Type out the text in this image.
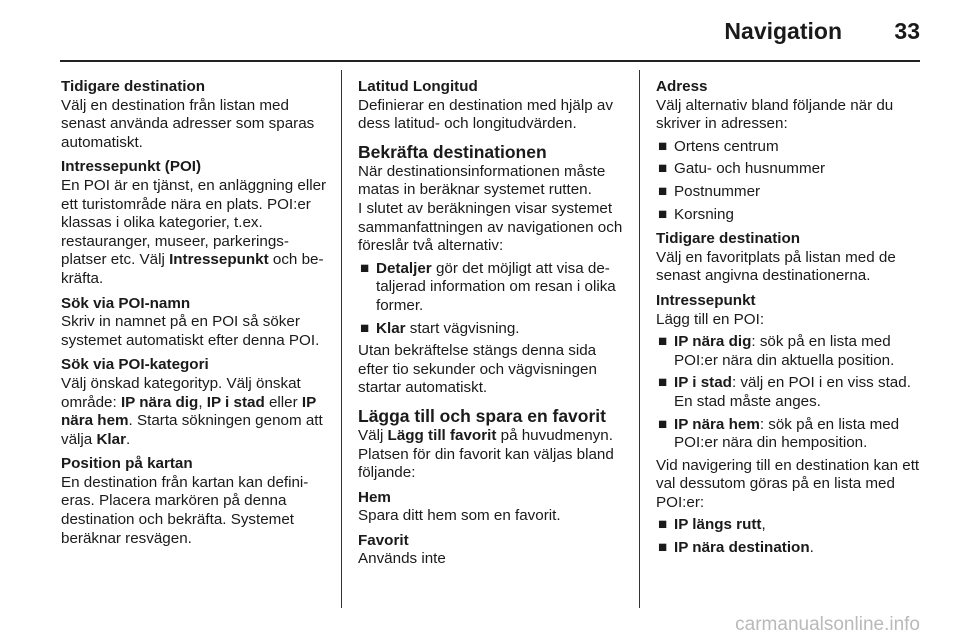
Navigation 33
Tidigare destination

Välj en destination från listan med senast använda adresser som sparas automatiskt.

Intressepunkt (POI)

En POI är en tjänst, en anläggning eller ett turistområde nära en plats. POI:er klassas i olika kategorier, t.ex. restauranger, museer, parkerings-platser etc. Välj Intressepunkt och be-kräfta.

Sök via POI-namn

Skriv in namnet på en POI så söker systemet automatiskt efter denna POI.

Sök via POI-kategori

Välj önskad kategorityp. Välj önskat område: IP nära dig, IP i stad eller IP nära hem. Starta sökningen genom att välja Klar.

Position på kartan

En destination från kartan kan defini-eras. Placera markören på denna destination och bekräfta. Systemet beräknar resvägen.

Latitud Longitud

Definierar en destination med hjälp av dess latitud- och longitudvärden.

Bekräfta destinationen
När destinationsinformationen måste matas in beräknar systemet rutten.

I slutet av beräkningen visar systemet sammanfattningen av navigationen och föreslår två alternativ:

■ Detaljer gör det möjligt att visa de-taljerad information om resan i olika former.
■ Klar start vägvisning.

Utan bekräftelse stängs denna sida efter tio sekunder och vägvisningen startar automatiskt.

Lägga till och spara en favorit

Välj Lägg till favorit på huvudmenyn. Platsen för din favorit kan väljas bland följande:

Hem

Spara ditt hem som en favorit.

Favorit

Används inte

Adress

Välj alternativ bland följande när du skriver in adressen:

■ Ortens centrum
■ Gatu- och husnummer
■ Postnummer
■ Korsning
Tidigare destination

Välj en favoritplats på listan med de senast angivna destinationerna.

Intressepunkt
Lägg till en POI:
■ IP nära dig: sök på en lista med POI:er nära din aktuella position.
■ IP i stad: välj en POI i en viss stad. En stad måste anges.
■ IP nära hem: sök på en lista med POI:er nära din hemposition.

Vid navigering till en destination kan ett val dessutom göras på en lista med POI:er:

■ IP längs rutt,
■ IP nära destination.
carmanualsonline.info
